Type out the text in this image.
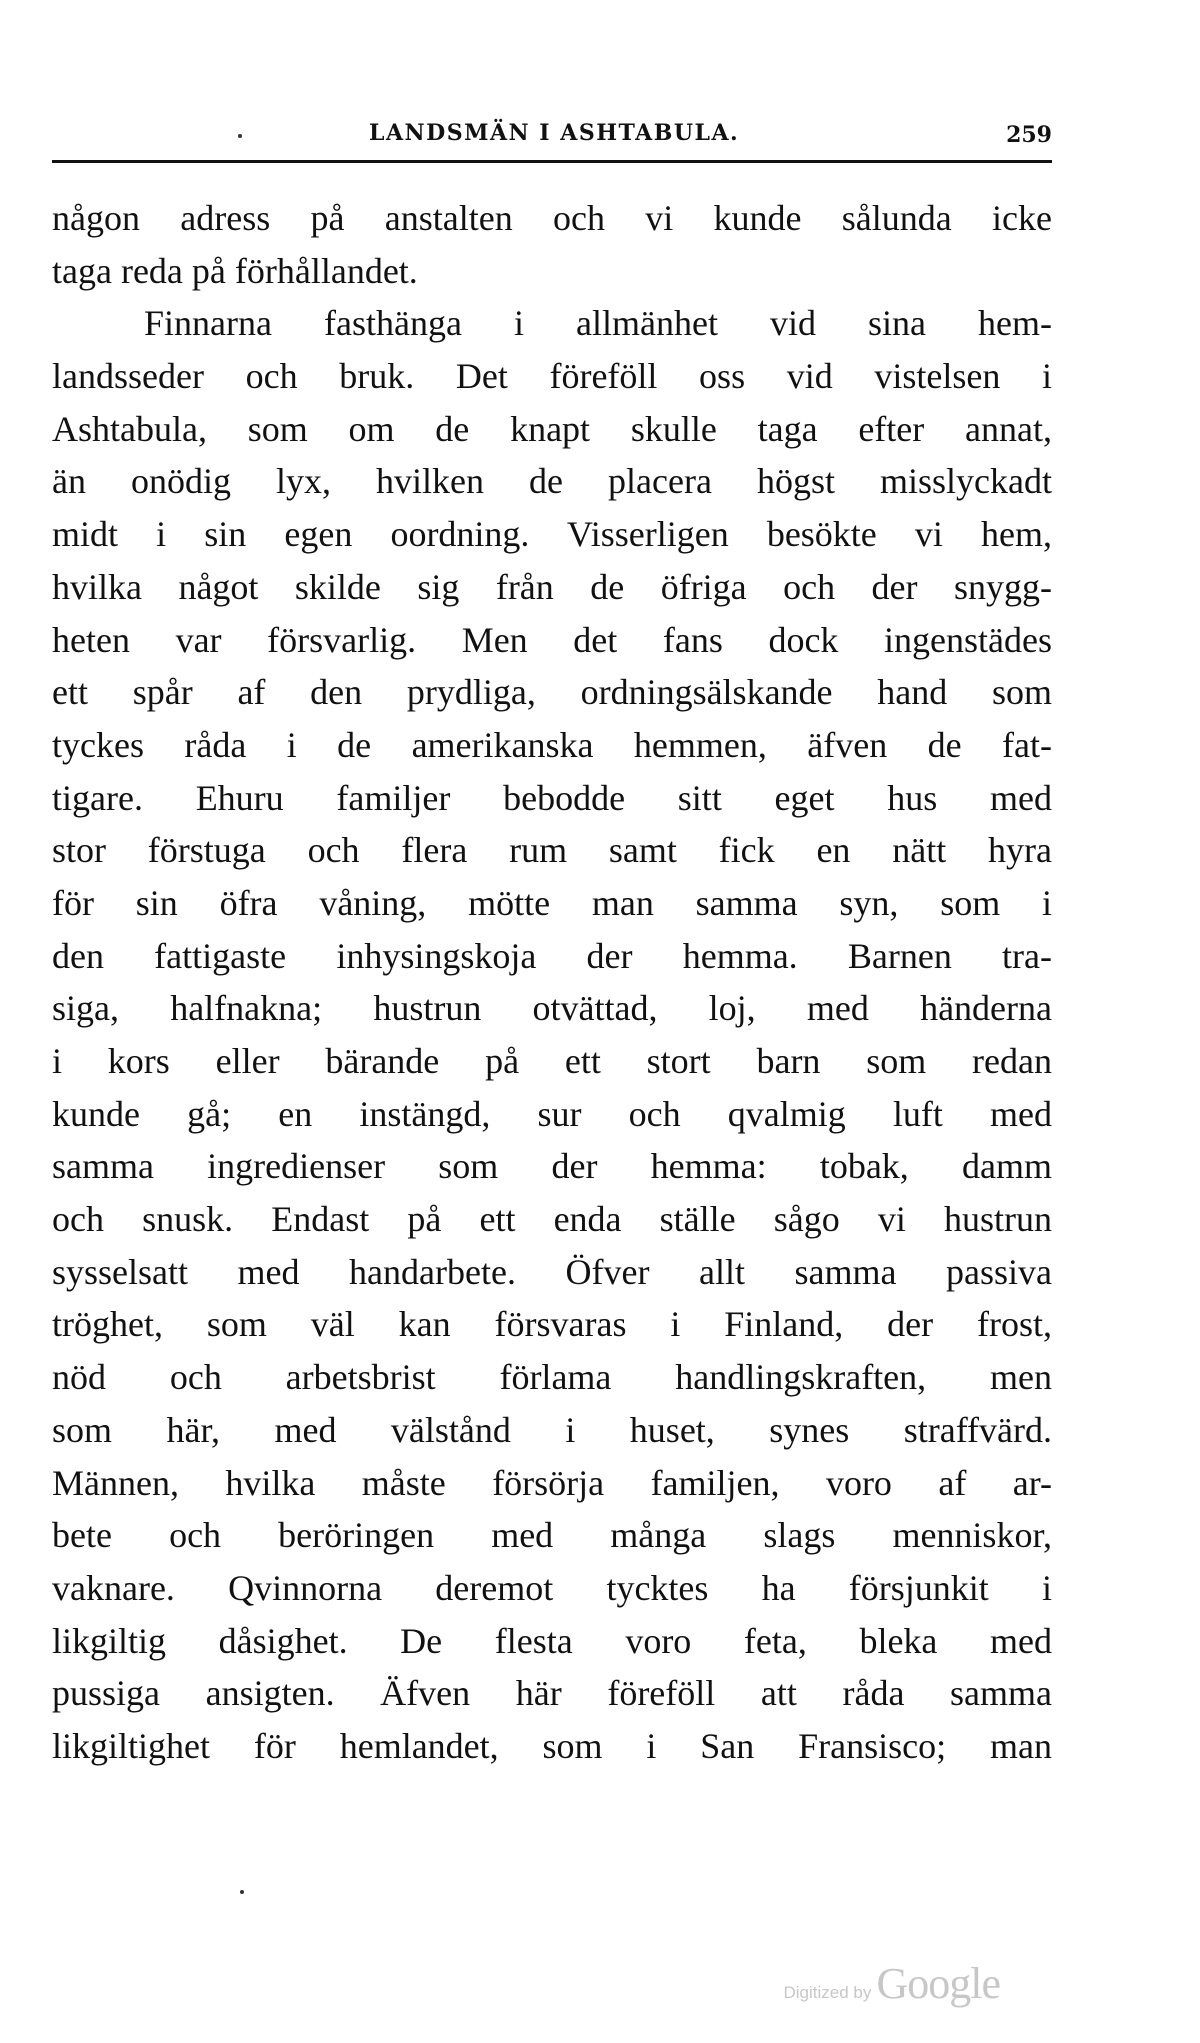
LANDSMÄN I ASHTABULA.	259
någon adress på anstalten och vi kunde sålunda icke
taga reda på förhållandet.
Finnarna fasthänga i allmänhet vid sina hem-
landsseder och bruk. Det föreföll oss vid vistelsen i
Ashtabula, som om de knapt skulle taga efter annat,
än onödig lyx, hvilken de placera högst misslyckadt
midt i sin egen oordning. Visserligen besökte vi hem,
hvilka något skilde sig från de öfriga och der snygg-
heten var försvarlig. Men det fans dock ingenstädes
ett spår af den prydliga, ordningsälskande hand som
tyckes råda i de amerikanska hemmen, äfven de fat-
tigare. Ehuru familjer bebodde sitt eget hus med
stor förstuga och flera rum samt fick en nätt hyra
för sin öfra våning, mötte man samma syn, som i
den fattigaste inhysingskoja der hemma. Barnen tra-
siga, halfnakna; hustrun otvättad, loj, med händerna
i kors eller bärande på ett stort barn som redan
kunde gå; en instängd, sur och qvalmig luft med
samma ingredienser som der hemma: tobak, damm
och snusk. Endast på ett enda ställe sågo vi hustrun
sysselsatt med handarbete. Öfver allt samma passiva
tröghet, som väl kan försvaras i Finland, der frost,
nöd och arbetsbrist förlama handlingskraften, men
som här, med välstånd i huset, synes straffvärd.
Männen, hvilka måste försörja familjen, voro af ar-
bete och beröringen med många slags menniskor,
vaknare. Qvinnorna deremot tycktes ha försjunkit i
likgiltig dåsighet. De flesta voro feta, bleka med
pussiga ansigten. Äfven här föreföll att råda samma
likgiltighet för hemlandet, som i San Fransisco; man
Digitized by Google
